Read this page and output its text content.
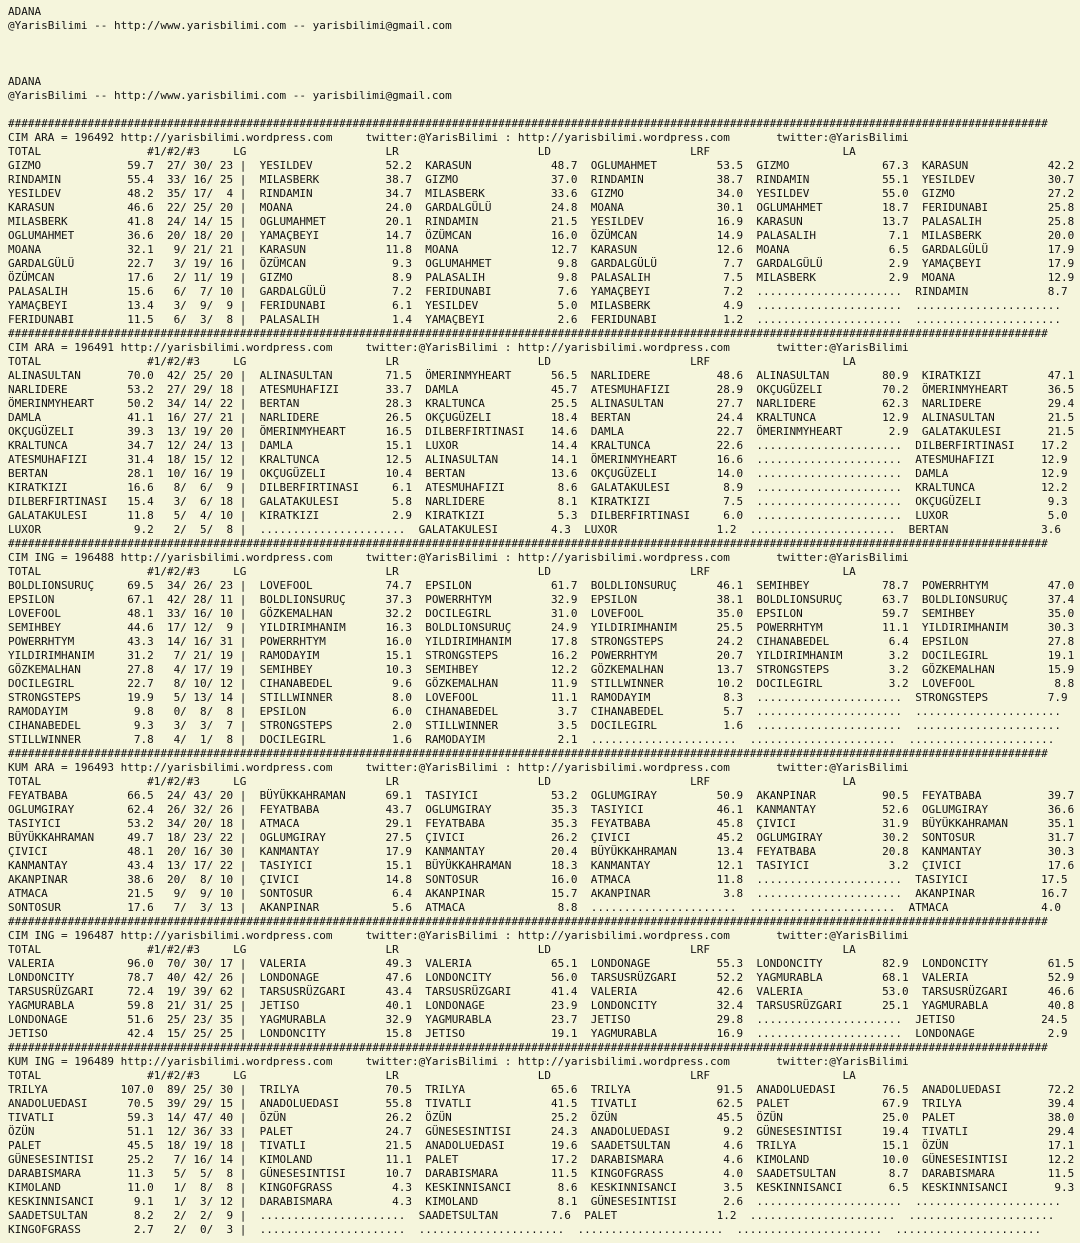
ADANA
@YarisBilimi -- http://www.yarisbilimi.com -- yarisbilimi@gmail.com
ADANA
@YarisBilimi -- http://www.yarisbilimi.com -- yarisbilimi@gmail.com
#############################################################################################################################################################
CIM ARA = 196492 http://yarisbilimi.wordpress.com     twitter:@YarisBilimi : http://yarisbilimi.wordpress.com       twitter:@YarisBilimi
TOTAL                #1/#2/#3     LG                     LR                     LD                     LRF                    LA
GIZMO             59.7  27/ 30/ 23 |  YESILDEV           52.2  KARASUN            48.7  OGLUMAHMET         53.5  GIZMO              67.3  KARASUN            42.2
RINDAMIN          55.4  33/ 16/ 25 |  MILASBERK          38.7  GIZMO              37.0  RINDAMIN           38.7  RINDAMIN           55.1  YESILDEV           30.7
YESILDEV          48.2  35/ 17/  4 |  RINDAMIN           34.7  MILASBERK          33.6  GIZMO              34.0  YESILDEV           55.0  GIZMO              27.2
KARASUN           46.6  22/ 25/ 20 |  MOANA              24.0  GARDALGÜLÜ         24.8  MOANA              30.1  OGLUMAHMET         18.7  FERIDUNABI         25.8
MILASBERK         41.8  24/ 14/ 15 |  OGLUMAHMET         20.1  RINDAMIN           21.5  YESILDEV           16.9  KARASUN            13.7  PALASALIH          25.8
OGLUMAHMET        36.6  20/ 18/ 20 |  YAMAÇBEYI          14.7  ÖZÜMCAN            16.0  ÖZÜMCAN            14.9  PALASALIH           7.1  MILASBERK          20.0
MOANA             32.1   9/ 21/ 21 |  KARASUN            11.8  MOANA              12.7  KARASUN            12.6  MOANA               6.5  GARDALGÜLÜ         17.9
GARDALGÜLÜ        22.7   3/ 19/ 16 |  ÖZÜMCAN             9.3  OGLUMAHMET          9.8  GARDALGÜLÜ          7.7  GARDALGÜLÜ          2.9  YAMAÇBEYI          17.9
ÖZÜMCAN           17.6   2/ 11/ 19 |  GIZMO               8.9  PALASALIH           9.8  PALASALIH           7.5  MILASBERK           2.9  MOANA              12.9
PALASALIH         15.6   6/  7/ 10 |  GARDALGÜLÜ          7.2  FERIDUNABI          7.6  YAMAÇBEYI           7.2  ......................  RINDAMIN            8.7
YAMAÇBEYI         13.4   3/  9/  9 |  FERIDUNABI          6.1  YESILDEV            5.0  MILASBERK           4.9  ......................  ......................
FERIDUNABI        11.5   6/  3/  8 |  PALASALIH           1.4  YAMAÇBEYI           2.6  FERIDUNABI          1.2  ......................  ......................
#############################################################################################################################################################
CIM ARA = 196491 http://yarisbilimi.wordpress.com     twitter:@YarisBilimi : http://yarisbilimi.wordpress.com       twitter:@YarisBilimi
TOTAL                #1/#2/#3     LG                     LR                     LD                     LRF                    LA
ALINASULTAN       70.0  42/ 25/ 20 |  ALINASULTAN        71.5  ÖMERINMYHEART      56.5  NARLIDERE          48.6  ALINASULTAN        80.9  KIRATKIZI          47.1
NARLIDERE         53.2  27/ 29/ 18 |  ATESMUHAFIZI       33.7  DAMLA              45.7  ATESMUHAFIZI       28.9  OKÇUGÜZELI         70.2  ÖMERINMYHEART      36.5
ÖMERINMYHEART     50.2  34/ 14/ 22 |  BERTAN             28.3  KRALTUNCA          25.5  ALINASULTAN        27.7  NARLIDERE          62.3  NARLIDERE          29.4
DAMLA             41.1  16/ 27/ 21 |  NARLIDERE          26.5  OKÇUGÜZELI         18.4  BERTAN             24.4  KRALTUNCA          12.9  ALINASULTAN        21.5
OKÇUGÜZELI        39.3  13/ 19/ 20 |  ÖMERINMYHEART      16.5  DILBERFIRTINASI    14.6  DAMLA              22.7  ÖMERINMYHEART       2.9  GALATAKULESI       21.5
KRALTUNCA         34.7  12/ 24/ 13 |  DAMLA              15.1  LUXOR              14.4  KRALTUNCA          22.6  ......................  DILBERFIRTINASI    17.2
ATESMUHAFIZI      31.4  18/ 15/ 12 |  KRALTUNCA          12.5  ALINASULTAN        14.1  ÖMERINMYHEART      16.6  ......................  ATESMUHAFIZI       12.9
BERTAN            28.1  10/ 16/ 19 |  OKÇUGÜZELI         10.4  BERTAN             13.6  OKÇUGÜZELI         14.0  ......................  DAMLA              12.9
KIRATKIZI         16.6   8/  6/  9 |  DILBERFIRTINASI     6.1  ATESMUHAFIZI        8.6  GALATAKULESI        8.9  ......................  KRALTUNCA          12.2
DILBERFIRTINASI   15.4   3/  6/ 18 |  GALATAKULESI        5.8  NARLIDERE           8.1  KIRATKIZI           7.5  ......................  OKÇUGÜZELI          9.3
GALATAKULESI      11.8   5/  4/ 10 |  KIRATKIZI           2.9  KIRATKIZI           5.3  DILBERFIRTINASI     6.0  ......................  LUXOR               5.0
LUXOR              9.2   2/  5/  8 |  ......................  GALATAKULESI        4.3  LUXOR               1.2  ......................  BERTAN              3.6
#############################################################################################################################################################
CIM ING = 196488 http://yarisbilimi.wordpress.com     twitter:@YarisBilimi : http://yarisbilimi.wordpress.com       twitter:@YarisBilimi
TOTAL                #1/#2/#3     LG                     LR                     LD                     LRF                    LA
BOLDLIONSURUÇ     69.5  34/ 26/ 23 |  LOVEFOOL           74.7  EPSILON            61.7  BOLDLIONSURUÇ      46.1  SEMIHBEY           78.7  POWERRHTYM         47.0
EPSILON           67.1  42/ 28/ 11 |  BOLDLIONSURUÇ      37.3  POWERRHTYM         32.9  EPSILON            38.1  BOLDLIONSURUÇ      63.7  BOLDLIONSURUÇ      37.4
LOVEFOOL          48.1  33/ 16/ 10 |  GÖZKEMALHAN        32.2  DOCILEGIRL         31.0  LOVEFOOL           35.0  EPSILON            59.7  SEMIHBEY           35.0
SEMIHBEY          44.6  17/ 12/  9 |  YILDIRIMHANIM      16.3  BOLDLIONSURUÇ      24.9  YILDIRIMHANIM      25.5  POWERRHTYM         11.1  YILDIRIMHANIM      30.3
POWERRHTYM        43.3  14/ 16/ 31 |  POWERRHTYM         16.0  YILDIRIMHANIM      17.8  STRONGSTEPS        24.2  CIHANABEDEL         6.4  EPSILON            27.8
YILDIRIMHANIM     31.2   7/ 21/ 19 |  RAMODAYIM          15.1  STRONGSTEPS        16.2  POWERRHTYM         20.7  YILDIRIMHANIM       3.2  DOCILEGIRL         19.1
GÖZKEMALHAN       27.8   4/ 17/ 19 |  SEMIHBEY           10.3  SEMIHBEY           12.2  GÖZKEMALHAN        13.7  STRONGSTEPS         3.2  GÖZKEMALHAN        15.9
DOCILEGIRL        22.7   8/ 10/ 12 |  CIHANABEDEL         9.6  GÖZKEMALHAN        11.9  STILLWINNER        10.2  DOCILEGIRL          3.2  LOVEFOOL            8.8
STRONGSTEPS       19.9   5/ 13/ 14 |  STILLWINNER         8.0  LOVEFOOL           11.1  RAMODAYIM           8.3  ......................  STRONGSTEPS         7.9
RAMODAYIM          9.8   0/  8/  8 |  EPSILON             6.0  CIHANABEDEL         3.7  CIHANABEDEL         5.7  ......................  ......................
CIHANABEDEL        9.3   3/  3/  7 |  STRONGSTEPS         2.0  STILLWINNER         3.5  DOCILEGIRL          1.6  ......................  ......................
STILLWINNER        7.8   4/  1/  8 |  DOCILEGIRL          1.6  RAMODAYIM           2.1  ......................  ......................  ......................
#############################################################################################################################################################
KUM ARA = 196493 http://yarisbilimi.wordpress.com     twitter:@YarisBilimi : http://yarisbilimi.wordpress.com       twitter:@YarisBilimi
TOTAL                #1/#2/#3     LG                     LR                     LD                     LRF                    LA
FEYATBABA         66.5  24/ 43/ 20 |  BÜYÜKKAHRAMAN      69.1  TASIYICI           53.2  OGLUMGIRAY         50.9  AKANPINAR          90.5  FEYATBABA          39.7
OGLUMGIRAY        62.4  26/ 32/ 26 |  FEYATBABA          43.7  OGLUMGIRAY         35.3  TASIYICI           46.1  KANMANTAY          52.6  OGLUMGIRAY         36.6
TASIYICI          53.2  34/ 20/ 18 |  ATMACA             29.1  FEYATBABA          35.3  FEYATBABA          45.8  ÇIVICI             31.9  BÜYÜKKAHRAMAN      35.1
BÜYÜKKAHRAMAN     49.7  18/ 23/ 22 |  OGLUMGIRAY         27.5  ÇIVICI             26.2  ÇIVICI             45.2  OGLUMGIRAY         30.2  SONTOSUR           31.7
ÇIVICI            48.1  20/ 16/ 30 |  KANMANTAY          17.9  KANMANTAY          20.4  BÜYÜKKAHRAMAN      13.4  FEYATBABA          20.8  KANMANTAY          30.3
KANMANTAY         43.4  13/ 17/ 22 |  TASIYICI           15.1  BÜYÜKKAHRAMAN      18.3  KANMANTAY          12.1  TASIYICI            3.2  ÇIVICI             17.6
AKANPINAR         38.6  20/  8/ 10 |  ÇIVICI             14.8  SONTOSUR           16.0  ATMACA             11.8  ......................  TASIYICI           17.5
ATMACA            21.5   9/  9/ 10 |  SONTOSUR            6.4  AKANPINAR          15.7  AKANPINAR           3.8  ......................  AKANPINAR          16.7
SONTOSUR          17.6   7/  3/ 13 |  AKANPINAR           5.6  ATMACA              8.8  ......................  ......................  ATMACA              4.0
#############################################################################################################################################################
CIM ING = 196487 http://yarisbilimi.wordpress.com     twitter:@YarisBilimi : http://yarisbilimi.wordpress.com       twitter:@YarisBilimi
TOTAL                #1/#2/#3     LG                     LR                     LD                     LRF                    LA
VALERIA           96.0  70/ 30/ 17 |  VALERIA            49.3  VALERIA            65.1  LONDONAGE          55.3  LONDONCITY         82.9  LONDONCITY         61.5
LONDONCITY        78.7  40/ 42/ 26 |  LONDONAGE          47.6  LONDONCITY         56.0  TARSUSRÜZGARI      52.2  YAGMURABLA         68.1  VALERIA            52.9
TARSUSRÜZGARI     72.4  19/ 39/ 62 |  TARSUSRÜZGARI      43.4  TARSUSRÜZGARI      41.4  VALERIA            42.6  VALERIA            53.0  TARSUSRÜZGARI      46.6
YAGMURABLA        59.8  21/ 31/ 25 |  JETISO             40.1  LONDONAGE          23.9  LONDONCITY         32.4  TARSUSRÜZGARI      25.1  YAGMURABLA         40.8
LONDONAGE         51.6  25/ 23/ 35 |  YAGMURABLA         32.9  YAGMURABLA         23.7  JETISO             29.8  ......................  JETISO             24.5
JETISO            42.4  15/ 25/ 25 |  LONDONCITY         15.8  JETISO             19.1  YAGMURABLA         16.9  ......................  LONDONAGE           2.9
#############################################################################################################################################################
KUM ING = 196489 http://yarisbilimi.wordpress.com     twitter:@YarisBilimi : http://yarisbilimi.wordpress.com       twitter:@YarisBilimi
TOTAL                #1/#2/#3     LG                     LR                     LD                     LRF                    LA
TRILYA           107.0  89/ 25/ 30 |  TRILYA             70.5  TRILYA             65.6  TRILYA             91.5  ANADOLUEDASI       76.5  ANADOLUEDASI       72.2
ANADOLUEDASI      70.5  39/ 29/ 15 |  ANADOLUEDASI       55.8  TIVATLI            41.5  TIVATLI            62.5  PALET              67.9  TRILYA             39.4
TIVATLI           59.3  14/ 47/ 40 |  ÖZÜN               26.2  ÖZÜN               25.2  ÖZÜN               45.5  ÖZÜN               25.0  PALET              38.0
ÖZÜN              51.1  12/ 36/ 33 |  PALET              24.7  GÜNESESINTISI      24.3  ANADOLUEDASI        9.2  GÜNESESINTISI      19.4  TIVATLI            29.4
PALET             45.5  18/ 19/ 18 |  TIVATLI            21.5  ANADOLUEDASI       19.6  SAADETSULTAN        4.6  TRILYA             15.1  ÖZÜN               17.1
GÜNESESINTISI     25.2   7/ 16/ 14 |  KIMOLAND           11.1  PALET              17.2  DARABISMARA         4.6  KIMOLAND           10.0  GÜNESESINTISI      12.2
DARABISMARA       11.3   5/  5/  8 |  GÜNESESINTISI      10.7  DARABISMARA        11.5  KINGOFGRASS         4.0  SAADETSULTAN        8.7  DARABISMARA        11.5
KIMOLAND          11.0   1/  8/  8 |  KINGOFGRASS         4.3  KESKINNISANCI       8.6  KESKINNISANCI       3.5  KESKINNISANCI       6.5  KESKINNISANCI       9.3
KESKINNISANCI      9.1   1/  3/ 12 |  DARABISMARA         4.3  KIMOLAND            8.1  GÜNESESINTISI       2.6  ......................  ......................
SAADETSULTAN       8.2   2/  2/  9 |  ......................  SAADETSULTAN        7.6  PALET               1.2  ......................  ......................
KINGOFGRASS        2.7   2/  0/  3 |  ......................  ......................  ......................  ......................  ......................
